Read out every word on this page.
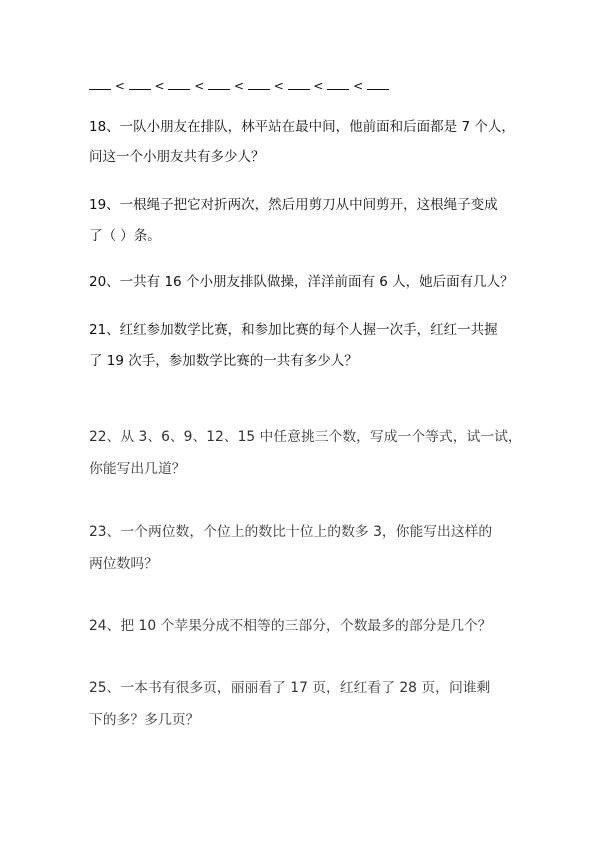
< < < < < < <

18、一队小朋友在排队，林平站在最中间，他前面和后面都是 7 个人，

问这一个小朋友共有多少人？

19、一根绳子把它对折两次，然后用剪刀从中间剪开，这根绳子变成

了（ ）条。

20、一共有 16 个小朋友排队做操，洋洋前面有 6 人，她后面有几人？

21、红红参加数学比赛，和参加比赛的每个人握一次手，红红一共握

了 19 次手，参加数学比赛的一共有多少人？

22、从 3、6、9、12、15 中任意挑三个数，写成一个等式，试一试，

你能写出几道？

23、一个两位数，个位上的数比十位上的数多 3，你能写出这样的

两位数吗？

24、把 10 个苹果分成不相等的三部分，个数最多的部分是几个？

25、一本书有很多页，丽丽看了 17 页，红红看了 28 页，问谁剩

下的多？多几页？
